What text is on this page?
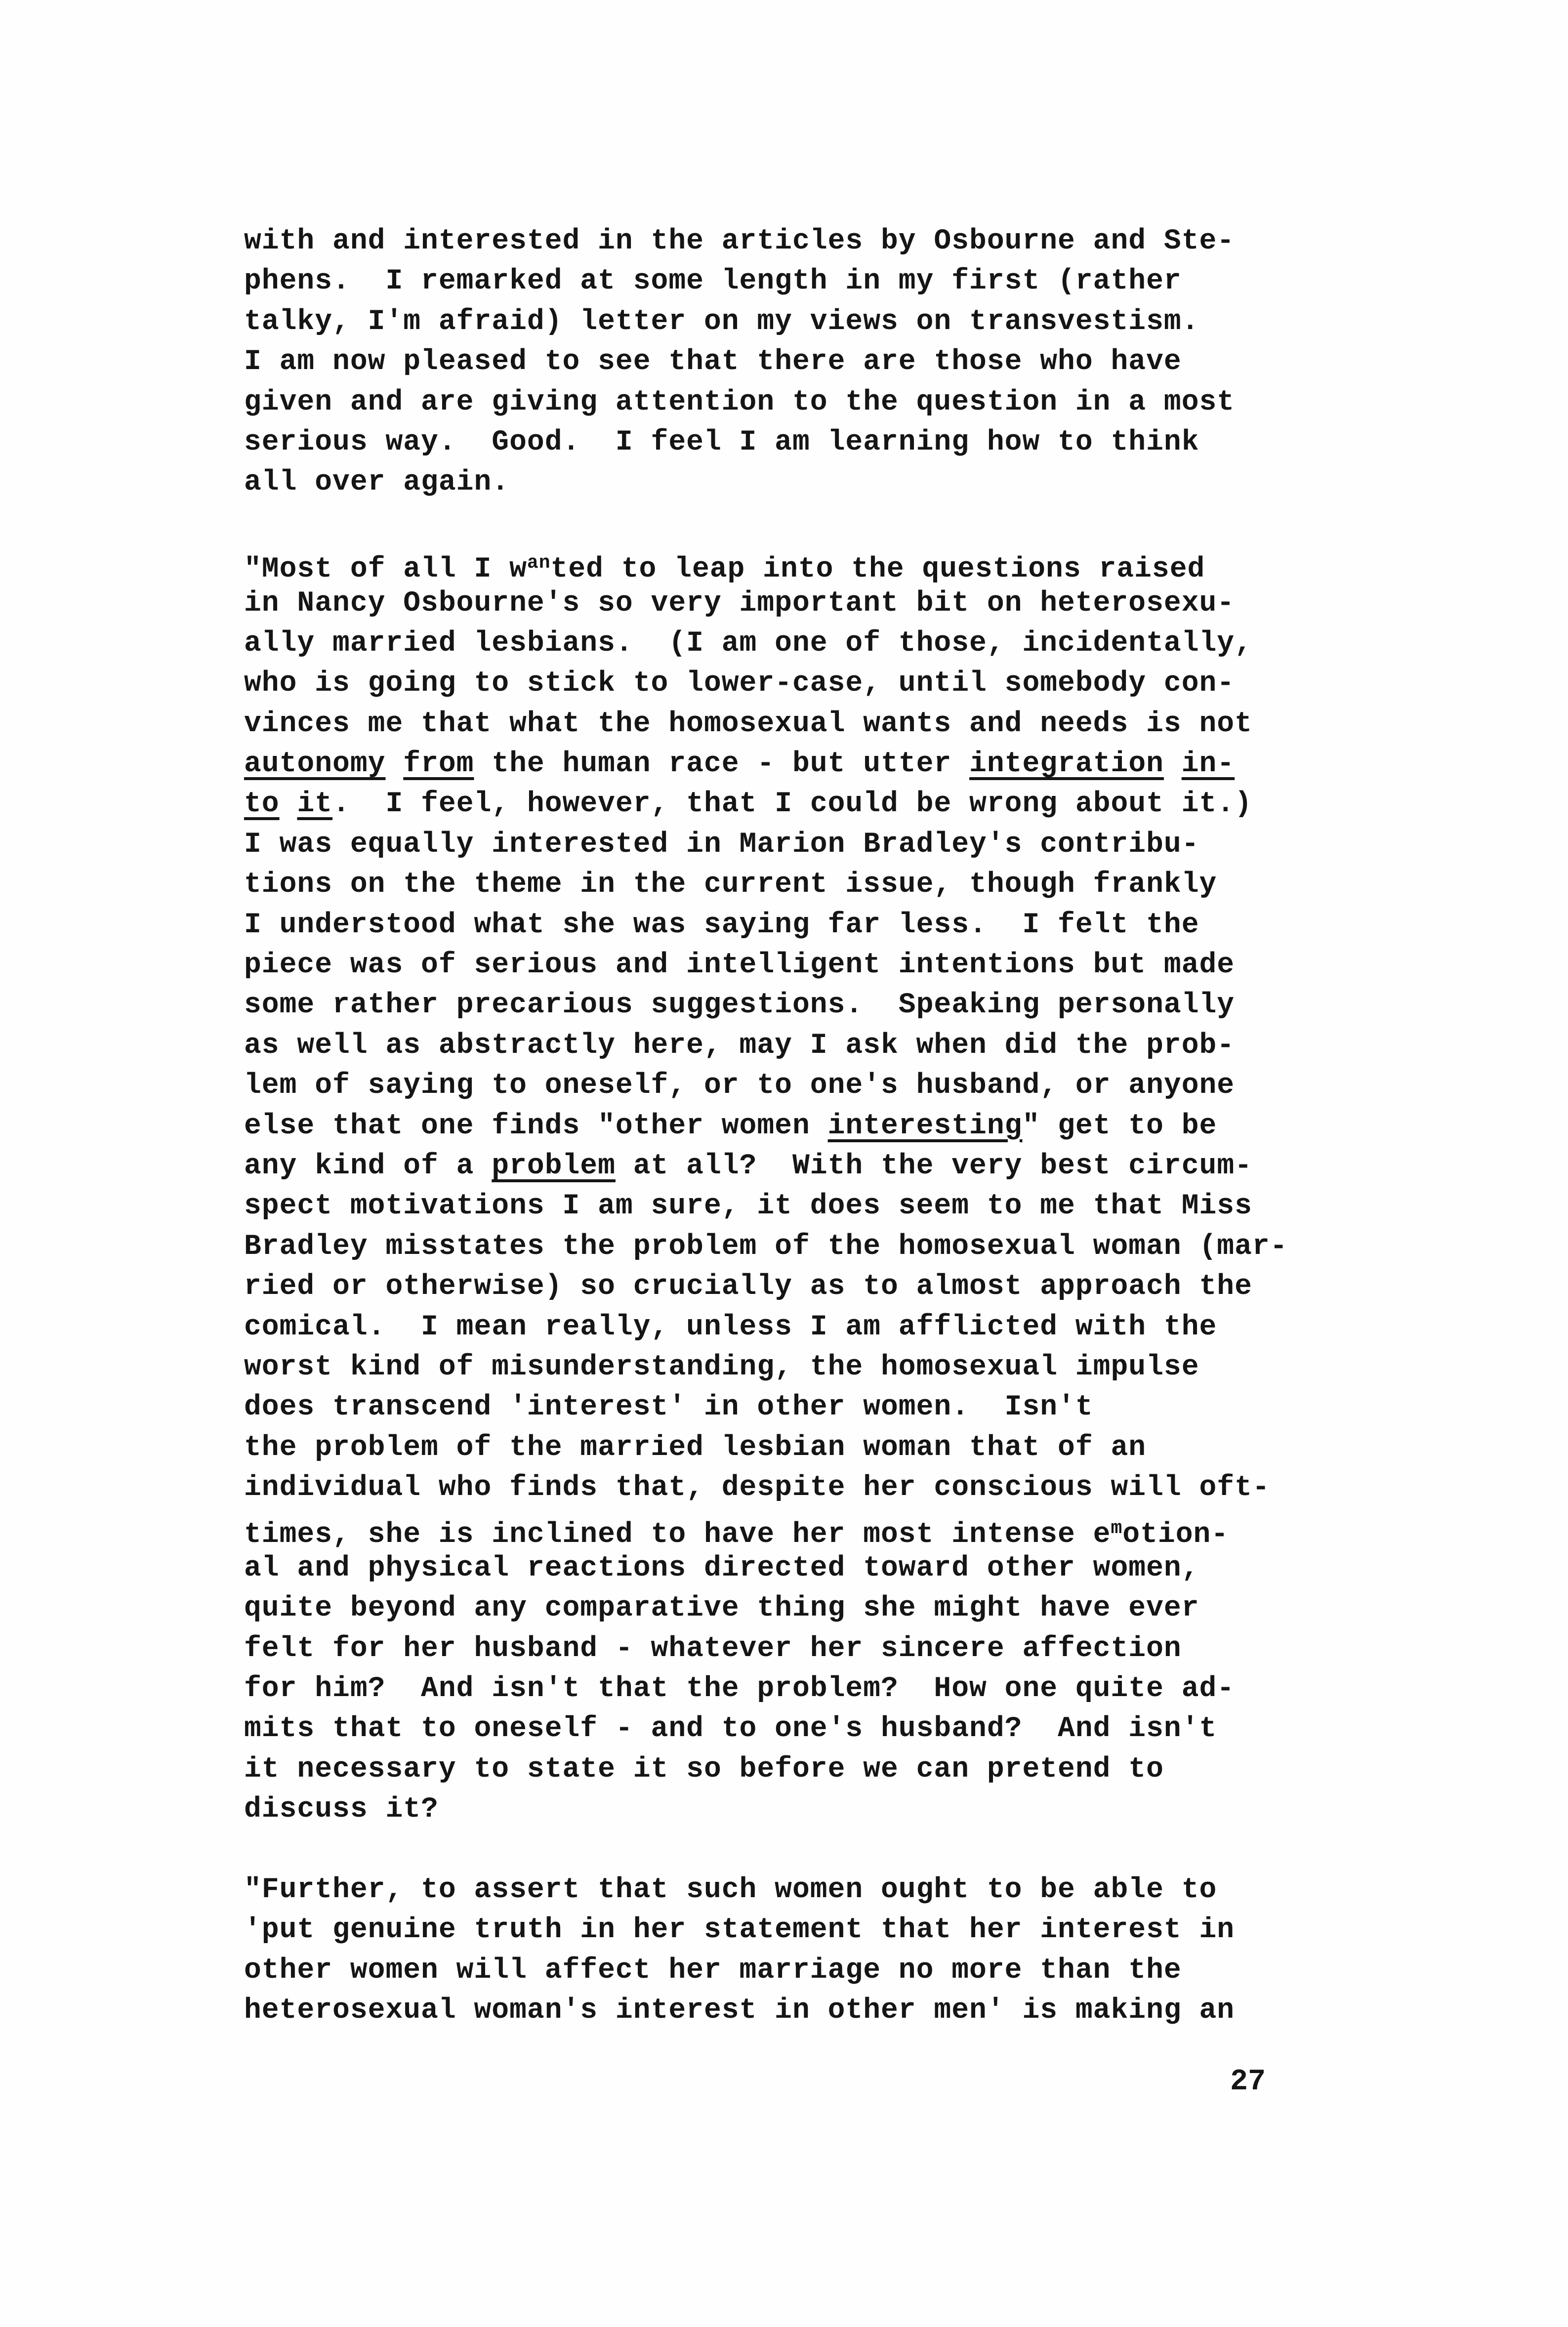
with and interested in the articles by Osbourne and Ste-
phens.  I remarked at some length in my first (rather
talky, I'm afraid) letter on my views on transvestism.
I am now pleased to see that there are those who have
given and are giving attention to the question in a most
serious way.  Good.  I feel I am learning how to think
all over again.
"Most of all I $w^{an}ted$ to leap into the questions raised
in Nancy Osbourne's so very important bit on heterosexu-
ally married lesbians.  (I am one of those, incidentally,
who is going to stick to lower-case, until somebody con-
vinces me that what the homosexual wants and needs is not
autonomy from the human race - but utter integration in-
to it.  I feel, however, that I could be wrong about it.)
I was equally interested in Marion Bradley's contribu-
tions on the theme in the current issue, though frankly
I understood what she was saying far less.  I felt the
piece was of serious and intelligent intentions but made
some rather precarious suggestions.  Speaking personally
as well as abstractly here, may I ask when did the prob-
lem of saying to oneself, or to one's husband, or anyone
else that one finds "other women interesting" get to be
any kind of a problem at all?  With the very best circum-
spect motivations I am sure, it does seem to me that Miss
Bradley misstates the problem of the homosexual woman (mar-
ried or otherwise) so crucially as to almost approach the
comical.  I mean really, unless I am afflicted with the
worst kind of misunderstanding, the homosexual impulse
does transcend 'interest' in other women.  Isn't
the problem of the married lesbian woman that of an
individual who finds that, despite her conscious will oft-
times, she is inclined to have her most intense $e^motion-$
al and physical reactions directed toward other women,
quite beyond any comparative thing she might have ever
felt for her husband - whatever her sincere affection
for him?  And isn't that the problem?  How one quite ad-
mits that to oneself - and to one's husband?  And isn't
it necessary to state it so before we can pretend to
discuss it?
"Further, to assert that such women ought to be able to
'put genuine truth in her statement that her interest in
other women will affect her marriage no more than the
heterosexual woman's interest in other men' is making an
27
